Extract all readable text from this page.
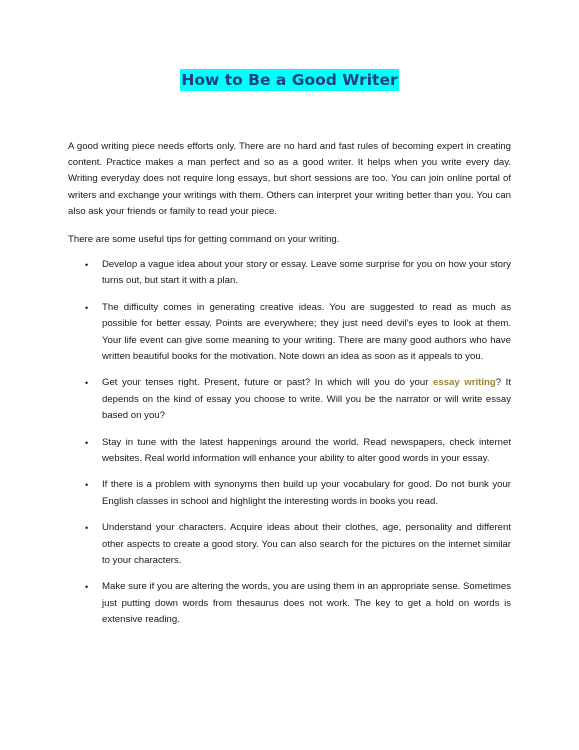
How to Be a Good Writer

A good writing piece needs efforts only. There are no hard and fast rules of becoming expert in creating content. Practice makes a man perfect and so as a good writer. It helps when you write every day. Writing everyday does not require long essays, but short sessions are too. You can join online portal of writers and exchange your writings with them. Others can interpret your writing better than you. You can also ask your friends or family to read your piece.

There are some useful tips for getting command on your writing.

• Develop a vague idea about your story or essay. Leave some surprise for you on how your story turns out, but start it with a plan.
• The difficulty comes in generating creative ideas. You are suggested to read as much as possible for better essay. Points are everywhere; they just need devil’s eyes to look at them. Your life event can give some meaning to your writing. There are many good authors who have written beautiful books for the motivation. Note down an idea as soon as it appeals to you.
• Get your tenses right. Present, future or past? In which will you do your essay writing? It depends on the kind of essay you choose to write. Will you be the narrator or will write essay based on you?
• Stay in tune with the latest happenings around the world. Read newspapers, check internet websites. Real world information will enhance your ability to alter good words in your essay.
• If there is a problem with synonyms then build up your vocabulary for good. Do not bunk your English classes in school and highlight the interesting words in books you read.
• Understand your characters. Acquire ideas about their clothes, age, personality and different other aspects to create a good story. You can also search for the pictures on the internet similar to your characters.
• Make sure if you are altering the words, you are using them in an appropriate sense. Sometimes just putting down words from thesaurus does not work. The key to get a hold on words is extensive reading.
